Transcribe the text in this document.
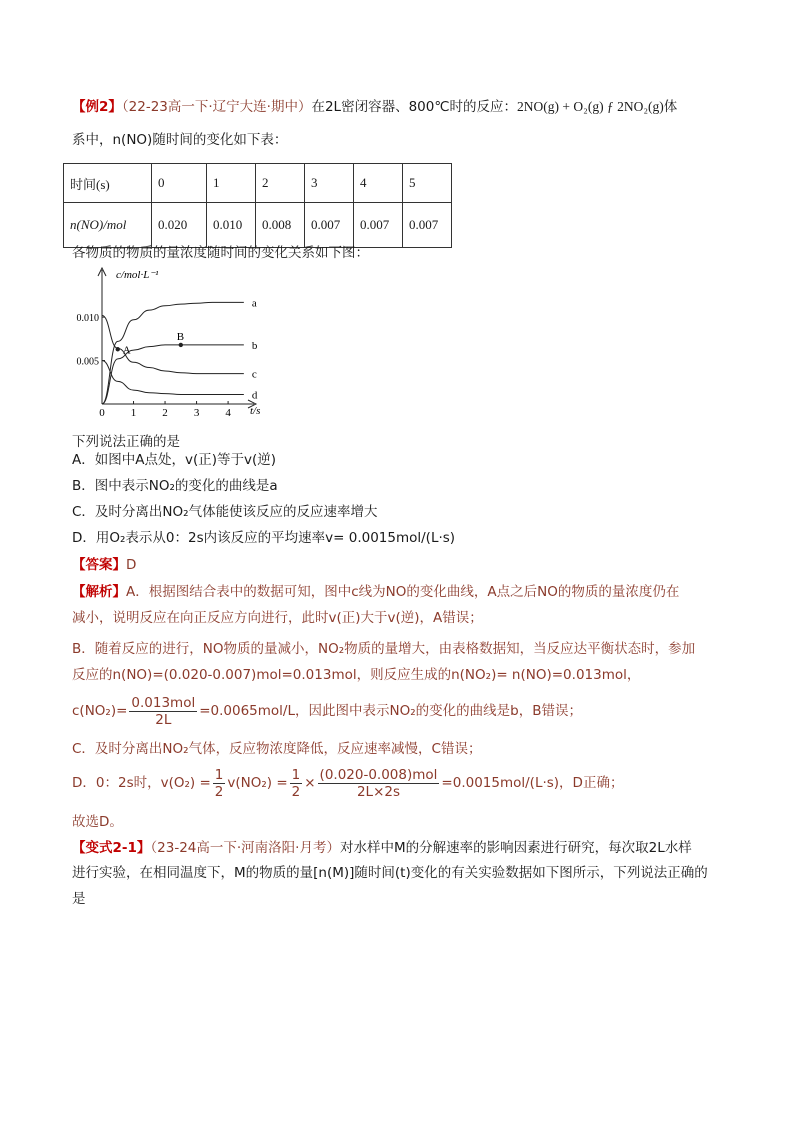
【例2】（22-23高一下·辽宁大连·期中）在2L密闭容器、800℃时的反应：2NO(g) + O₂(g) ƒ 2NO₂(g)体
系中，n(NO)随时间的变化如下表：
时间(s)	0	1	2	3	4	5
n(NO)/mol	0.020	0.010	0.008	0.007	0.007	0.007
各物质的物质的量浓度随时间的变化关系如下图：
c/mol·L⁻¹
t/s
0 1 2 3 4
0.005
0.010
a
b
c
d
A
B
下列说法正确的是
A．如图中A点处，v(正)等于v(逆)
B．图中表示NO₂的变化的曲线是a
C．及时分离出NO₂气体能使该反应的反应速率增大
D．用O₂表示从0：2s内该反应的平均速率v= 0.0015mol/(L·s)
【答案】D
【解析】A．根据图结合表中的数据可知，图中c线为NO的变化曲线，A点之后NO的物质的量浓度仍在
减小，说明反应在向正反应方向进行，此时v(正)大于v(逆)，A错误；
B．随着反应的进行，NO物质的量减小，NO₂物质的量增大，由表格数据知，当反应达平衡状态时，参加
反应的n(NO)=(0.020-0.007)mol=0.013mol，则反应生成的n(NO₂)= n(NO)=0.013mol，
$c(NO_2)= \frac{\text{0.013mol}}{2L} =0.0065mol/L$，因此图中表示NO₂的变化的曲线是b，B错误；
C．及时分离出NO₂气体，反应物浓度降低，反应速率减慢，C错误；
D．0：2s时，$v(O_2) = \frac{1}{2} v(NO_2) = \frac{1}{2} \times \frac{\text{(0.020-0.008)mol}}{2L\times 2s} =0.0015mol/(L\cdot s)$，D正确；
故选D。
【变式2-1】（23-24高一下·河南洛阳·月考）对水样中M的分解速率的影响因素进行研究，每次取2L水样
进行实验，在相同温度下，M的物质的量[n(M)]随时间(t)变化的有关实验数据如下图所示，下列说法正确的
是
